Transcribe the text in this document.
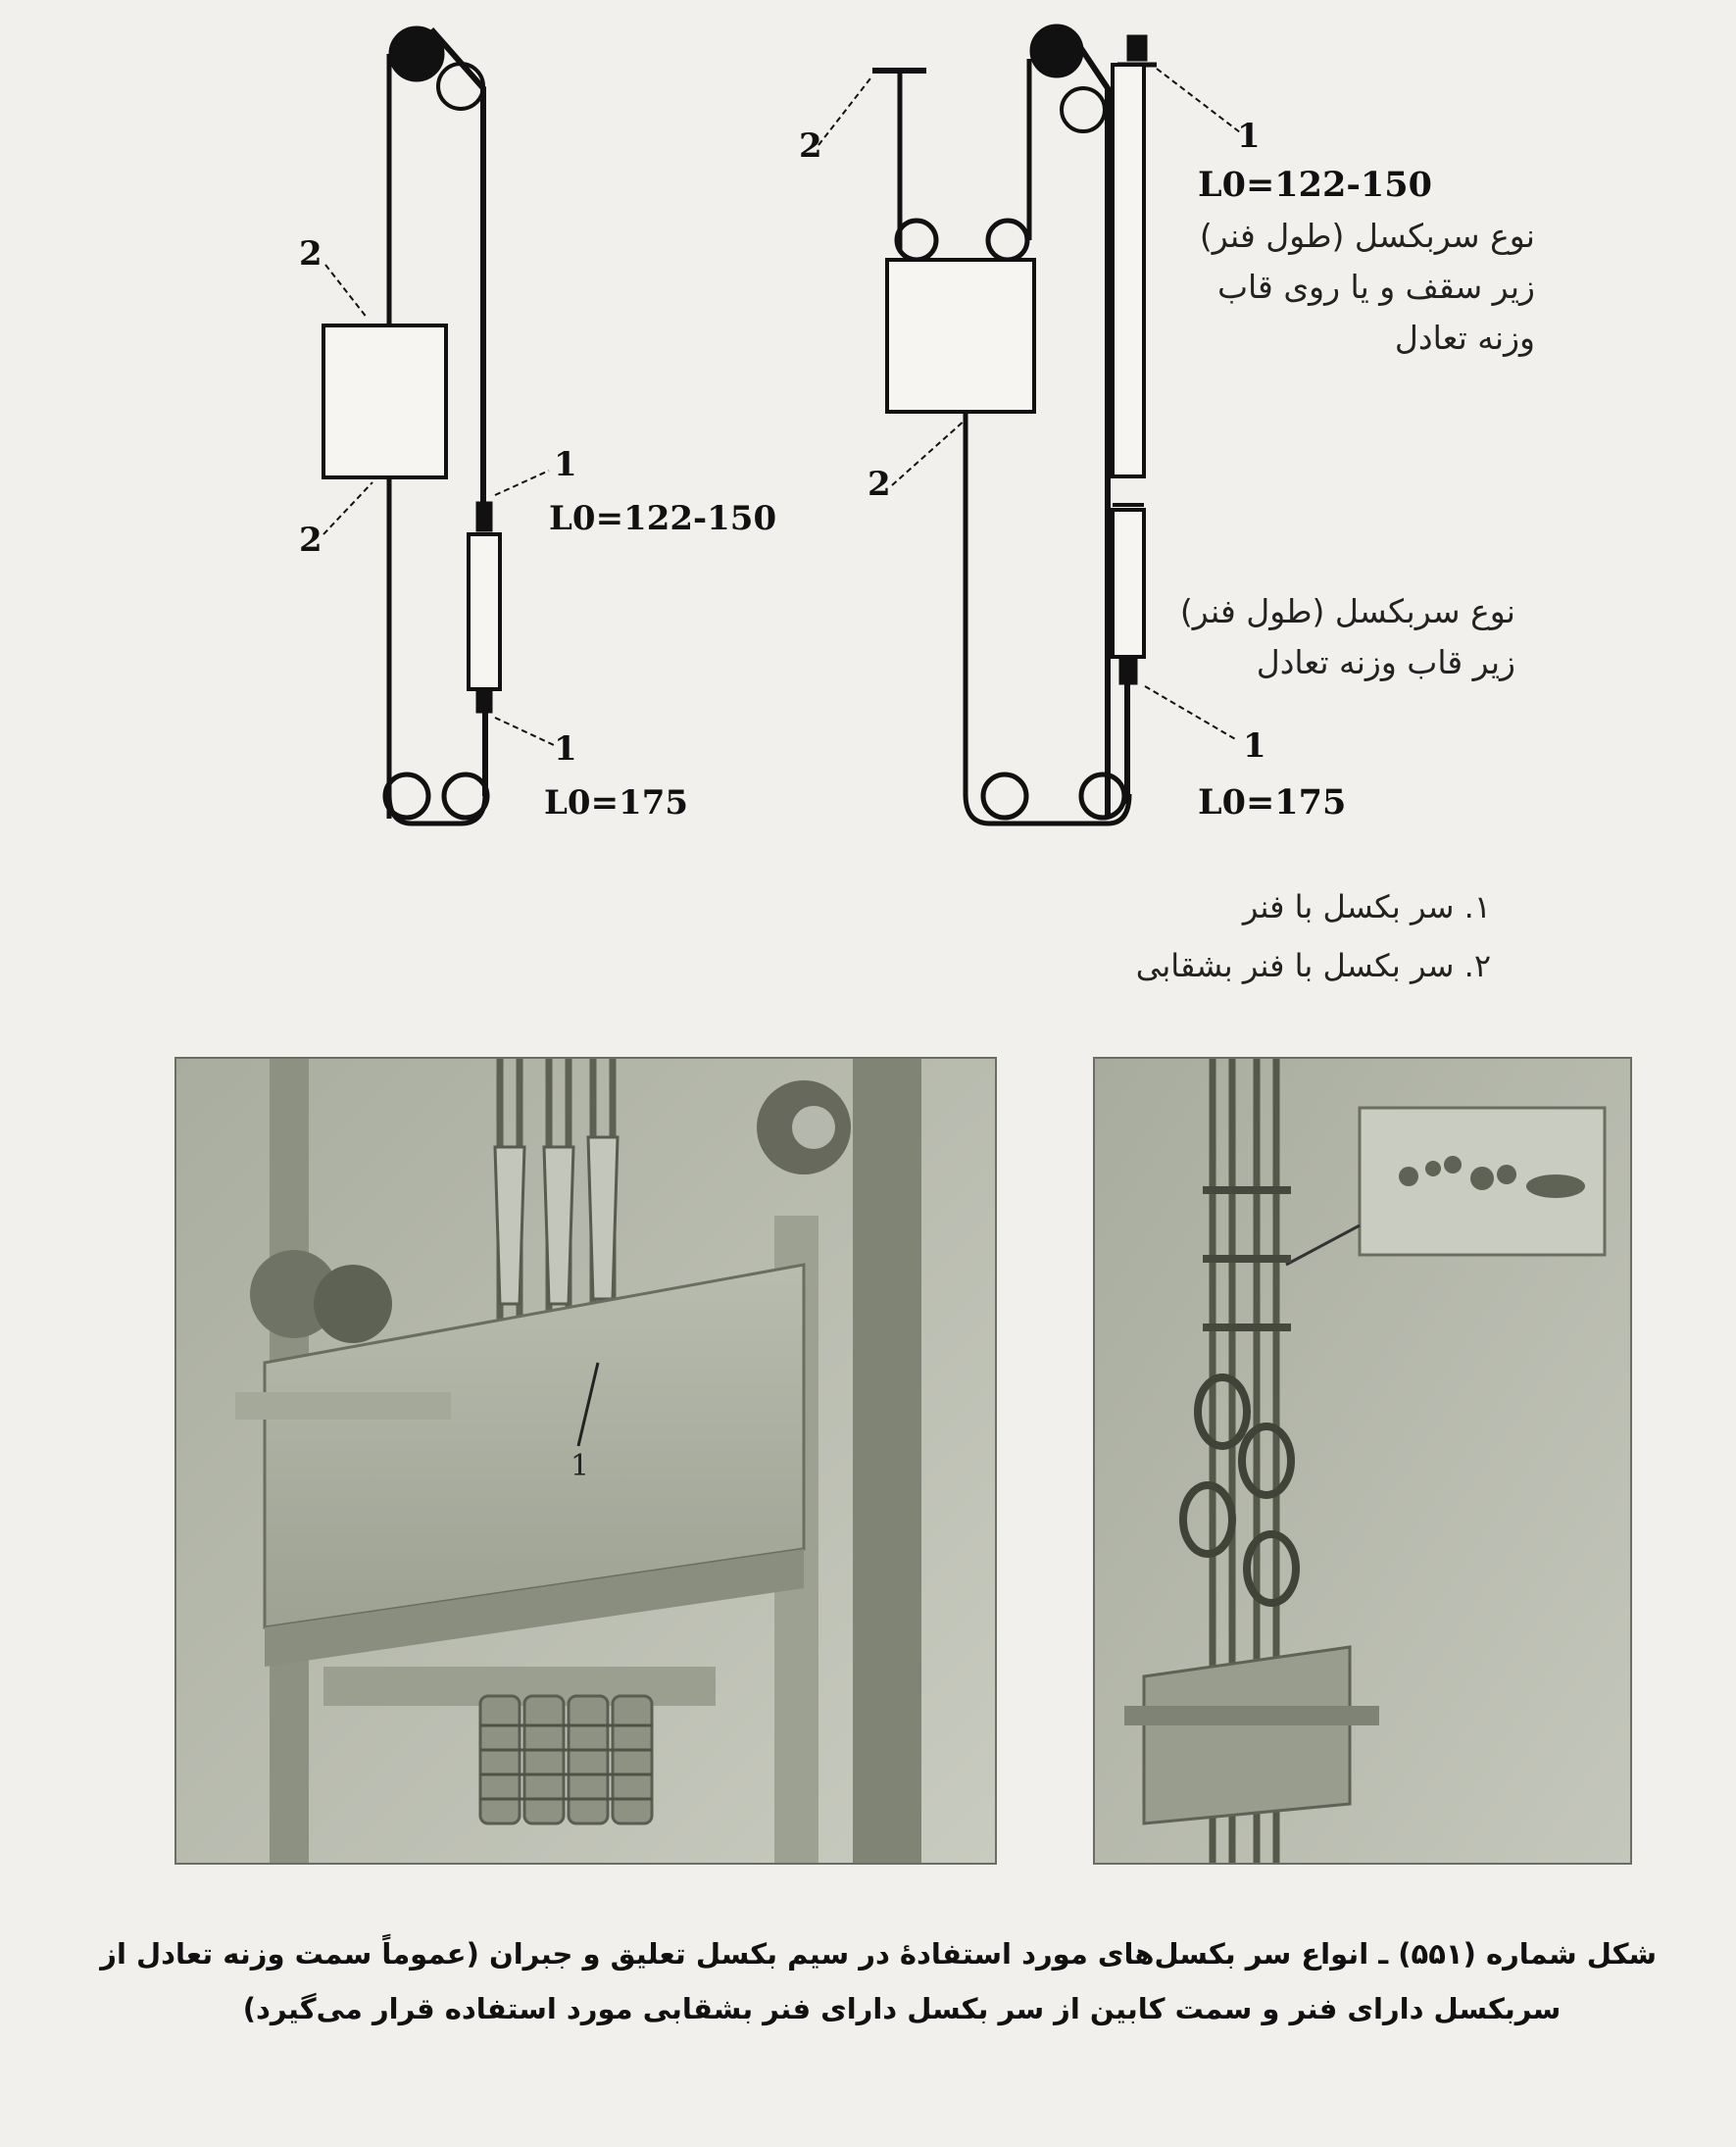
2
2
1
1
L0=122-150
L0=175
2
2
1
1
L0=122-150
L0=175
نوع سربکسل (طول فنر)
زیر سقف و یا روی قاب
وزنه تعادل
نوع سربکسل (طول فنر)
زیر قاب وزنه تعادل
۱. سر بکسل با فنر
۲. سر بکسل با فنر بشقابی
1
شکل شماره (۵۵۱) ـ انواع سر بکسل‌های مورد استفادهٔ در سیم بکسل تعلیق و جبران (عموماً سمت وزنه تعادل از
سربکسل دارای فنر و سمت کابین از سر بکسل دارای فنر بشقابی مورد استفاده قرار می‌گیرد)
